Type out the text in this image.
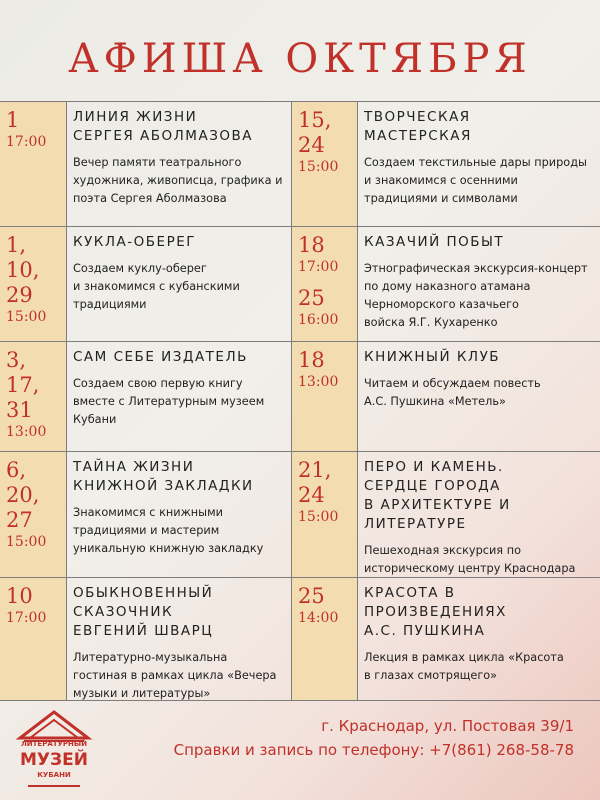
АФИША ОКТЯБРЯ
1
17:00
ЛИНИЯ ЖИЗНИ
СЕРГЕЯ АБОЛМАЗОВА
Вечер памяти театрального
художника, живописца, графика и
поэта Сергея Аболмазова
15,
24
15:00
ТВОРЧЕСКАЯ
МАСТЕРСКАЯ
Создаем текстильные дары природы
и знакомимся с осенними
традициями и символами
1,
10,
29
15:00
КУКЛА-ОБЕРЕГ
Создаем куклу-оберег
и знакомимся с кубанскими
традициями
18
17:00
25
16:00
КАЗАЧИЙ ПОБЫТ
Этнографическая экскурсия-концерт
по дому наказного атамана
Черноморского казачьего
войска Я.Г. Кухаренко
3,
17,
31
13:00
САМ СЕБЕ ИЗДАТЕЛЬ
Создаем свою первую книгу
вместе с Литературным музеем
Кубани
18
13:00
КНИЖНЫЙ КЛУБ
Читаем и обсуждаем повесть
А.С. Пушкина «Метель»
6,
20,
27
15:00
ТАЙНА ЖИЗНИ
КНИЖНОЙ ЗАКЛАДКИ
Знакомимся с книжными
традициями и мастерим
уникальную книжную закладку
21,
24
15:00
ПЕРО И КАМЕНЬ.
СЕРДЦЕ ГОРОДА
В АРХИТЕКТУРЕ И ЛИТЕРАТУРЕ
Пешеходная экскурсия по
историческому центру Краснодара
10
17:00
ОБЫКНОВЕННЫЙ
СКАЗОЧНИК
ЕВГЕНИЙ ШВАРЦ
Литературно-музыкальна
гостиная в рамках цикла «Вечера
музыки и литературы»
25
14:00
КРАСОТА В
ПРОИЗВЕДЕНИЯХ
А.С. ПУШКИНА
Лекция в рамках цикла «Красота
в глазах смотрящего»
ЛИТЕРАТУРНЫЙ
МУЗЕЙ
КУБАНИ

г. Краснодар, ул. Постовая 39/1

Справки и запись по телефону: +7(861) 268-58-78
